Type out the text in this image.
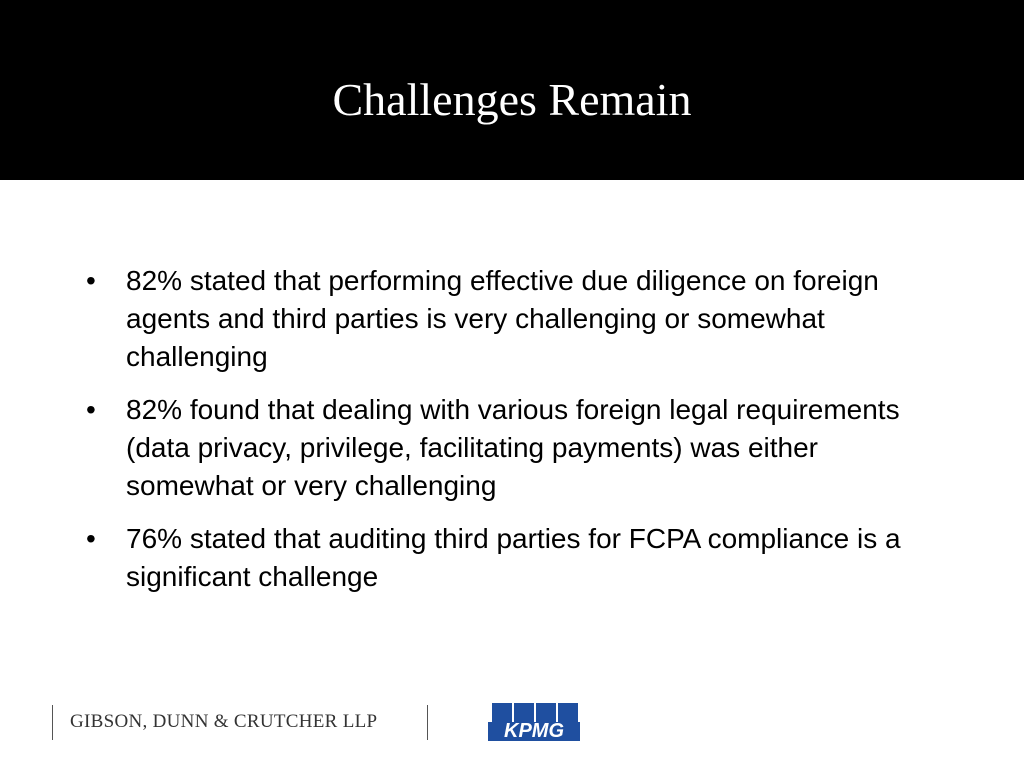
Challenges Remain
•	82% stated that performing effective due diligence on foreign agents and third parties is very challenging or somewhat challenging
•	82% found that dealing with various foreign legal requirements (data privacy, privilege, facilitating payments) was either somewhat or very challenging
•	76% stated that auditing third parties for FCPA compliance is a significant challenge
GIBSON, DUNN & CRUTCHER LLP	KPMG
